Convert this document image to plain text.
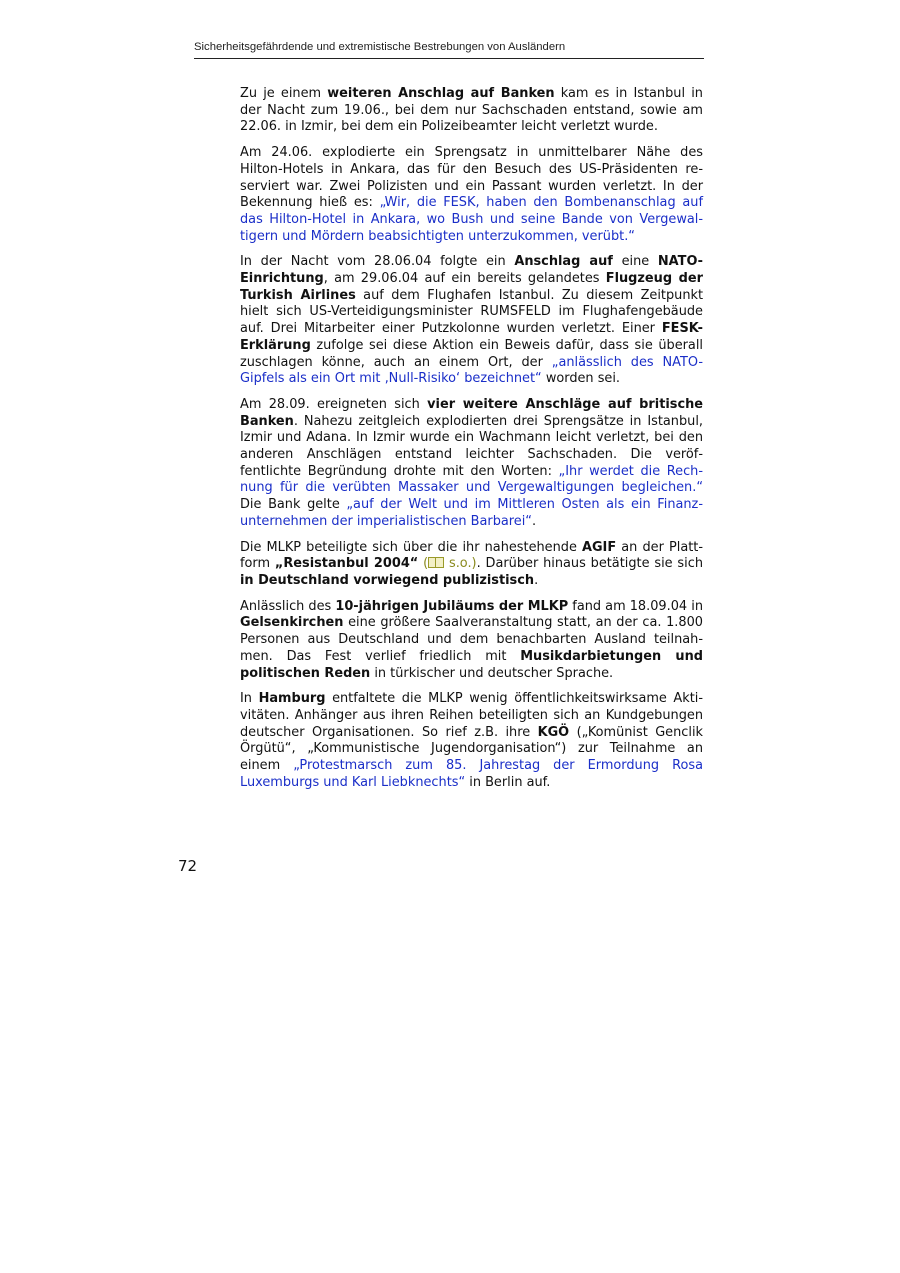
Sicherheitsgefährdende und extremistische Bestrebungen von Ausländern

Zu je einem weiteren Anschlag auf Banken kam es in Istanbul in der Nacht zum 19.06., bei dem nur Sachschaden entstand, sowie am 22.06. in Izmir, bei dem ein Polizeibeamter leicht verletzt wurde.

Am 24.06. explodierte ein Sprengsatz in unmittelbarer Nähe des Hilton-Hotels in Ankara, das für den Besuch des US-Präsidenten reserviert war. Zwei Polizisten und ein Passant wurden verletzt. In der Bekennung hieß es: „Wir, die FESK, haben den Bombenanschlag auf das Hilton-Hotel in Ankara, wo Bush und seine Bande von Vergewaltigern und Mördern beabsichtigten unterzukommen, verübt.“

In der Nacht vom 28.06.04 folgte ein Anschlag auf eine NATO-Einrichtung, am 29.06.04 auf ein bereits gelandetes Flugzeug der Turkish Airlines auf dem Flughafen Istanbul. Zu diesem Zeitpunkt hielt sich US-Verteidigungsminister RUMSFELD im Flughafengebäude auf. Drei Mitarbeiter einer Putzkolonne wurden verletzt. Einer FESK-Erklärung zufolge sei diese Aktion ein Beweis dafür, dass sie überall zuschlagen könne, auch an einem Ort, der „anlässlich des NATO-Gipfels als ein Ort mit ‚Null-Risiko‘ bezeichnet“ worden sei.

Am 28.09. ereigneten sich vier weitere Anschläge auf britische Banken. Nahezu zeitgleich explodierten drei Sprengsätze in Istanbul, Izmir und Adana. In Izmir wurde ein Wachmann leicht verletzt, bei den anderen Anschlägen entstand leichter Sachschaden. Die veröffentlichte Begründung drohte mit den Worten: „Ihr werdet die Rechnung für die verübten Massaker und Vergewaltigungen begleichen.“ Die Bank gelte „auf der Welt und im Mittleren Osten als ein Finanzunternehmen der imperialistischen Barbarei“.

Die MLKP beteiligte sich über die ihr nahestehende AGIF an der Plattform „Resistanbul 2004“ ( s.o.). Darüber hinaus betätigte sie sich in Deutschland vorwiegend publizistisch.

Anlässlich des 10-jährigen Jubiläums der MLKP fand am 18.09.04 in Gelsenkirchen eine größere Saalveranstaltung statt, an der ca. 1.800 Personen aus Deutschland und dem benachbarten Ausland teilnahmen. Das Fest verlief friedlich mit Musikdarbietungen und politischen Reden in türkischer und deutscher Sprache.

In Hamburg entfaltete die MLKP wenig öffentlichkeitswirksame Aktivitäten. Anhänger aus ihren Reihen beteiligten sich an Kundgebungen deutscher Organisationen. So rief z.B. ihre KGÖ („Komünist Genclik Örgütü“, „Kommunistische Jugendorganisation“) zur Teilnahme an einem „Protestmarsch zum 85. Jahrestag der Ermordung Rosa Luxemburgs und Karl Liebknechts“ in Berlin auf.

72
